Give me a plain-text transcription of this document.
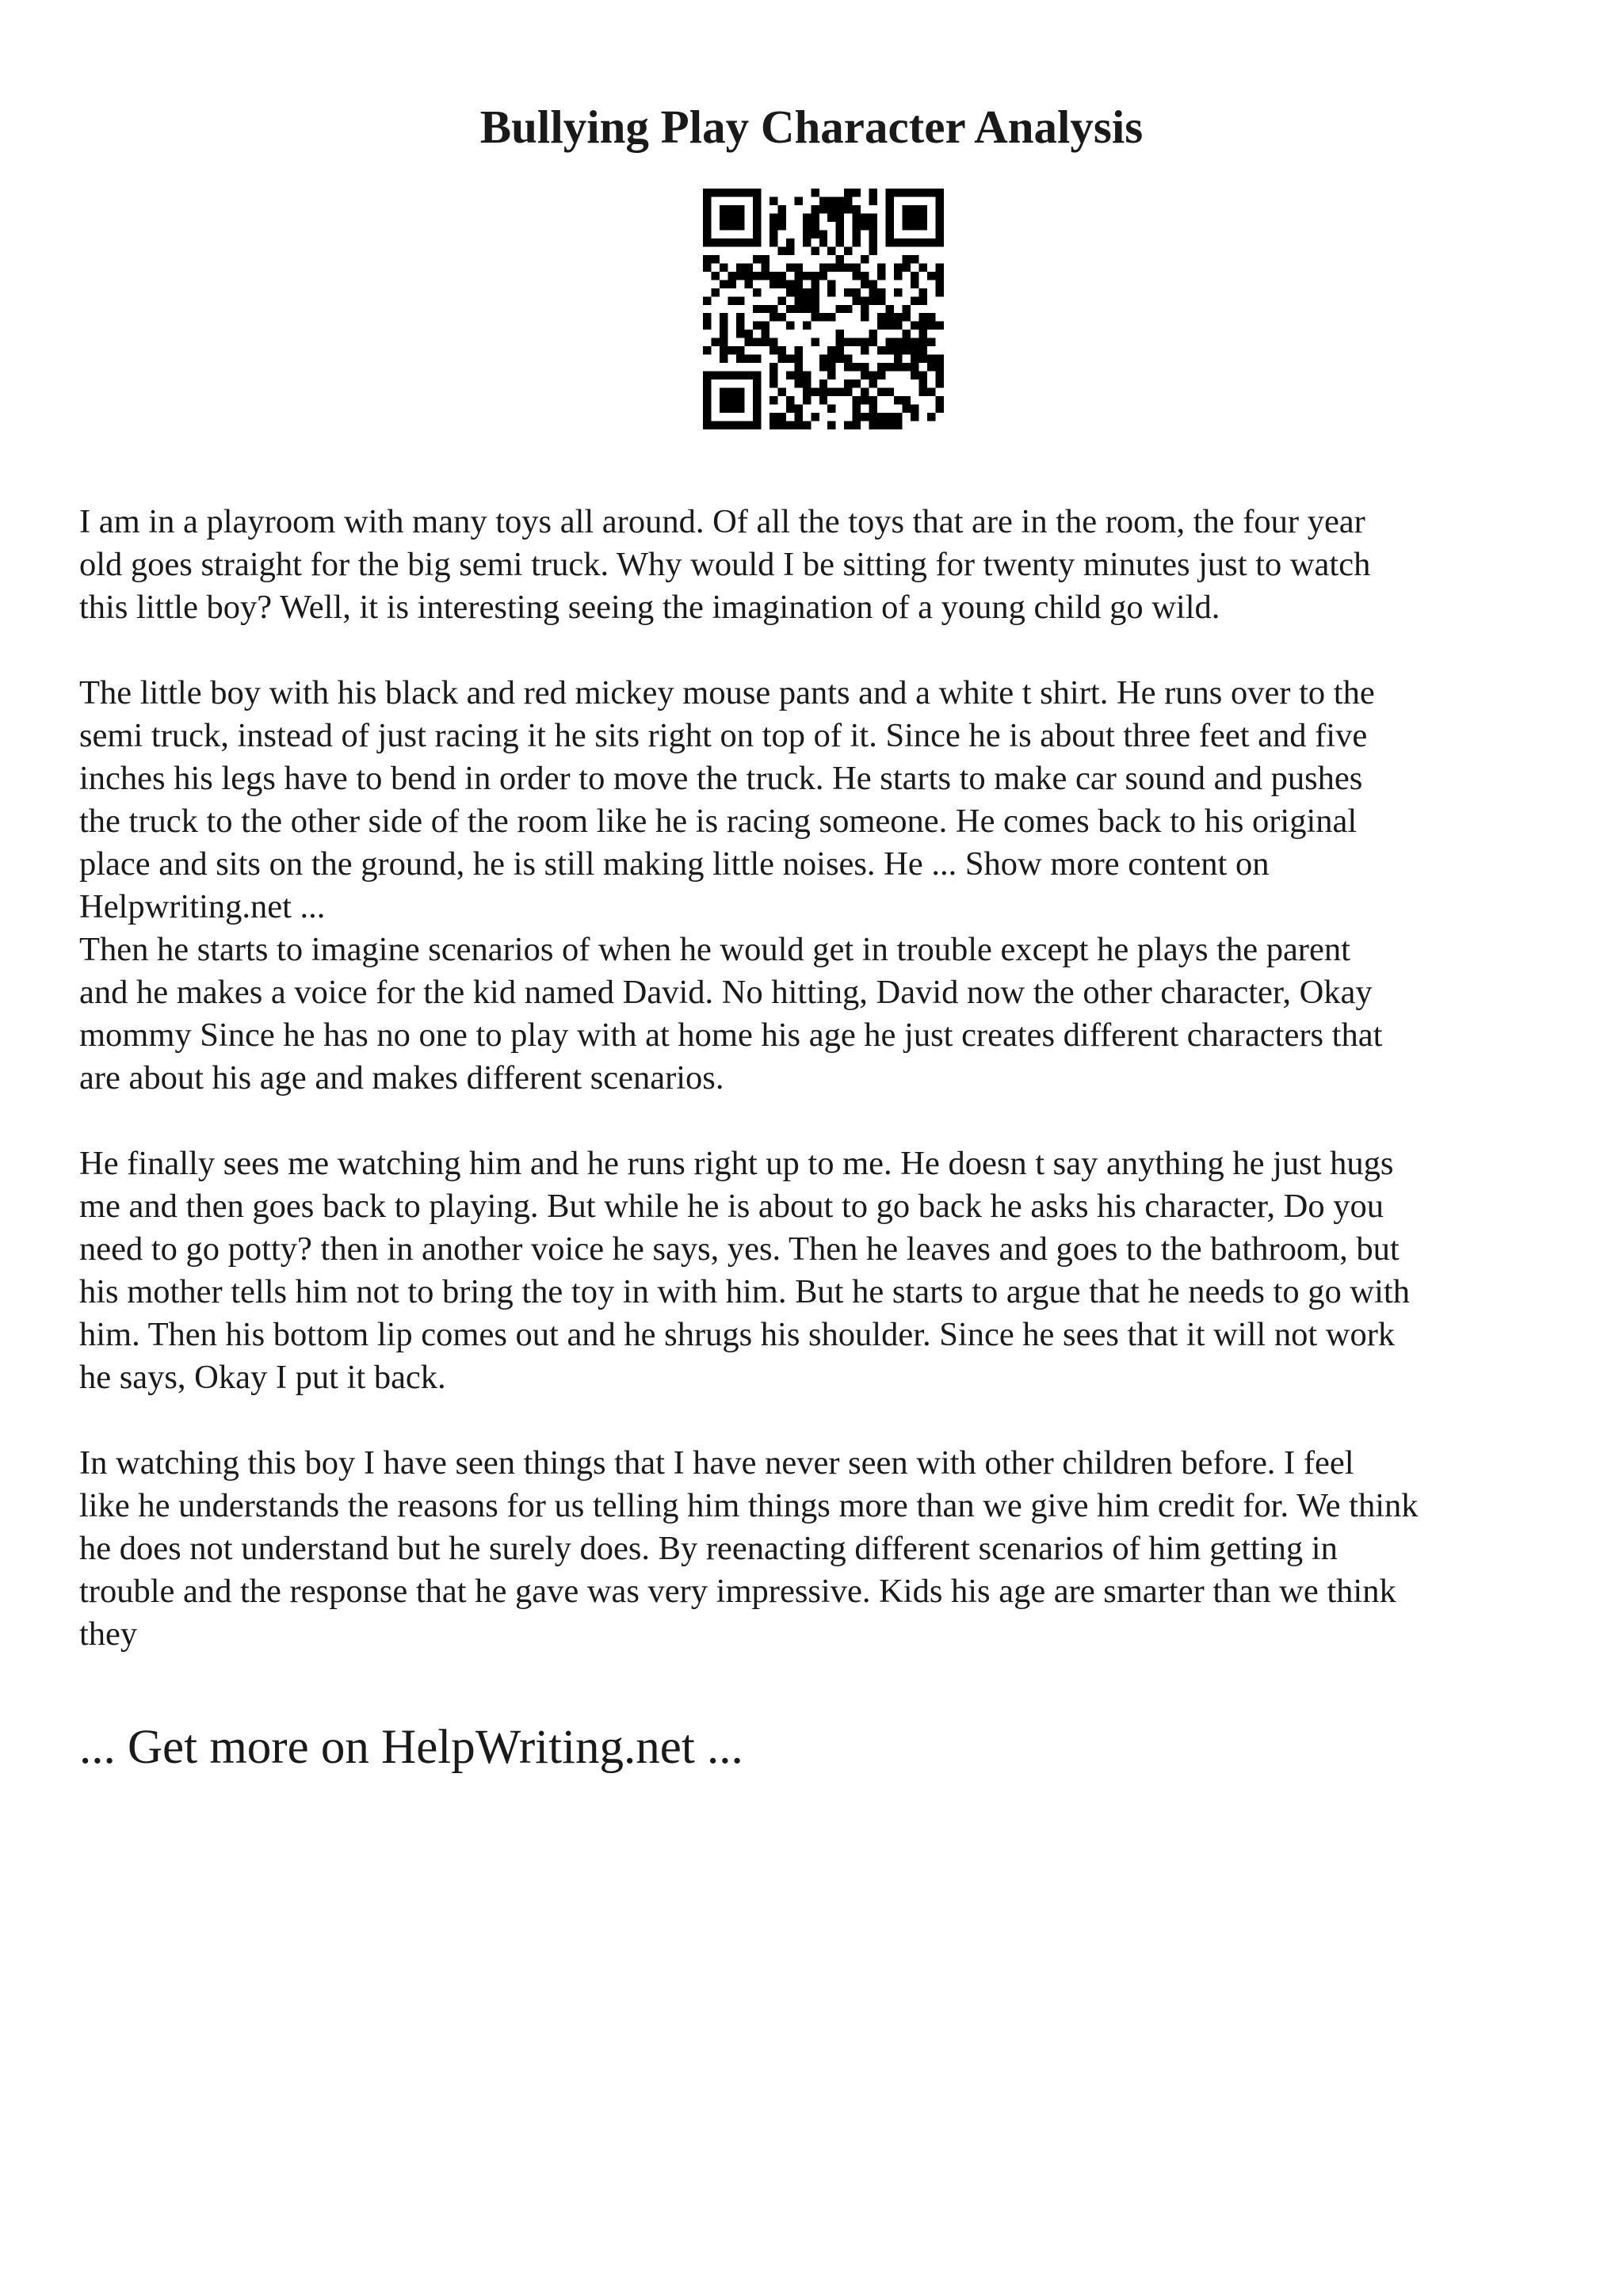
Bullying Play Character Analysis

I am in a playroom with many toys all around. Of all the toys that are in the room, the four year
old goes straight for the big semi truck. Why would I be sitting for twenty minutes just to watch
this little boy? Well, it is interesting seeing the imagination of a young child go wild.

The little boy with his black and red mickey mouse pants and a white t shirt. He runs over to the
semi truck, instead of just racing it he sits right on top of it. Since he is about three feet and five
inches his legs have to bend in order to move the truck. He starts to make car sound and pushes
the truck to the other side of the room like he is racing someone. He comes back to his original
place and sits on the ground, he is still making little noises. He ... Show more content on
Helpwriting.net ...

Then he starts to imagine scenarios of when he would get in trouble except he plays the parent
and he makes a voice for the kid named David. No hitting, David now the other character, Okay
mommy Since he has no one to play with at home his age he just creates different characters that
are about his age and makes different scenarios.

He finally sees me watching him and he runs right up to me. He doesn t say anything he just hugs
me and then goes back to playing. But while he is about to go back he asks his character, Do you
need to go potty? then in another voice he says, yes. Then he leaves and goes to the bathroom, but
his mother tells him not to bring the toy in with him. But he starts to argue that he needs to go with
him. Then his bottom lip comes out and he shrugs his shoulder. Since he sees that it will not work
he says, Okay I put it back.

In watching this boy I have seen things that I have never seen with other children before. I feel
like he understands the reasons for us telling him things more than we give him credit for. We think
he does not understand but he surely does. By reenacting different scenarios of him getting in
trouble and the response that he gave was very impressive. Kids his age are smarter than we think
they

... Get more on HelpWriting.net ...
